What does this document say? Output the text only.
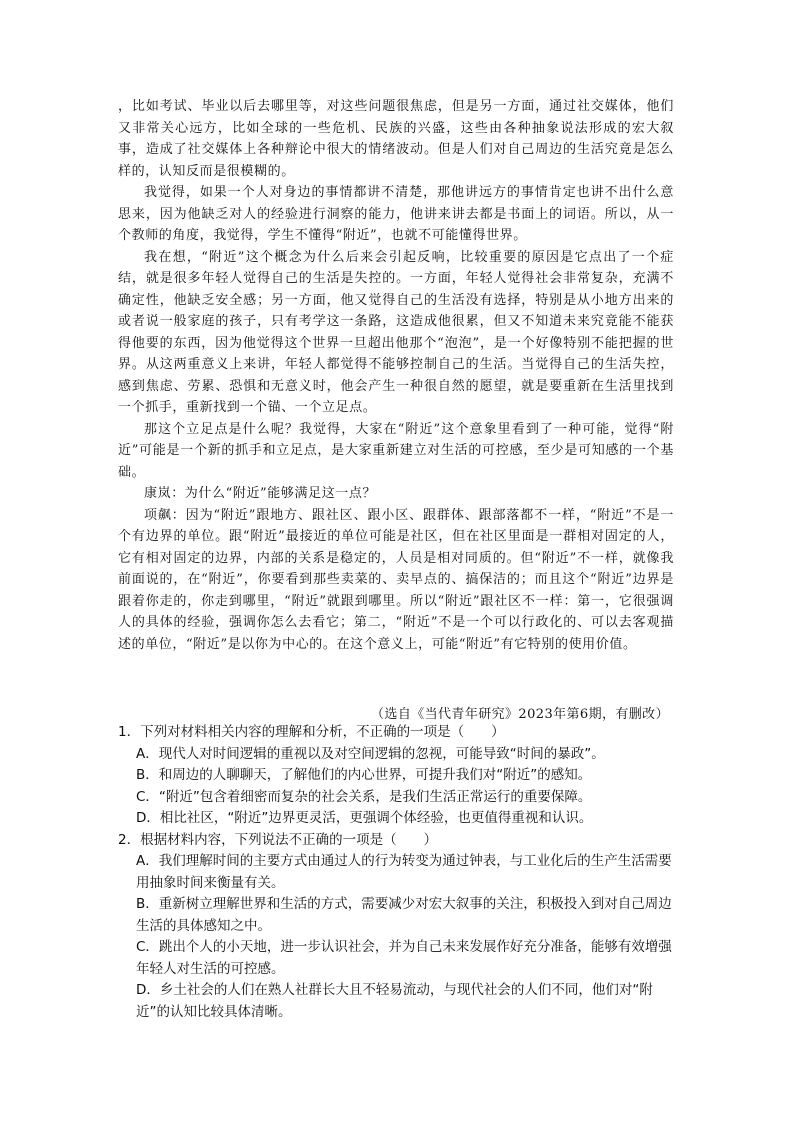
，比如考试、毕业以后去哪里等，对这些问题很焦虑，但是另一方面，通过社交媒体，他们又非常关心远方，比如全球的一些危机、民族的兴盛，这些由各种抽象说法形成的宏大叙事，造成了社交媒体上各种辩论中很大的情绪波动。但是人们对自己周边的生活究竟是怎么样的，认知反而是很模糊的。

我觉得，如果一个人对身边的事情都讲不清楚，那他讲远方的事情肯定也讲不出什么意思来，因为他缺乏对人的经验进行洞察的能力，他讲来讲去都是书面上的词语。所以，从一个教师的角度，我觉得，学生不懂得“附近”，也就不可能懂得世界。

我在想，“附近”这个概念为什么后来会引起反响，比较重要的原因是它点出了一个症结，就是很多年轻人觉得自己的生活是失控的。一方面，年轻人觉得社会非常复杂，充满不确定性，他缺乏安全感；另一方面，他又觉得自己的生活没有选择，特别是从小地方出来的或者说一般家庭的孩子，只有考学这一条路，这造成他很累，但又不知道未来究竟能不能获得他要的东西，因为他觉得这个世界一旦超出他那个“泡泡”，是一个好像特别不能把握的世界。从这两重意义上来讲，年轻人都觉得不能够控制自己的生活。当觉得自己的生活失控，感到焦虑、劳累、恐惧和无意义时，他会产生一种很自然的愿望，就是要重新在生活里找到一个抓手，重新找到一个锚、一个立足点。

那这个立足点是什么呢？我觉得，大家在“附近”这个意象里看到了一种可能，觉得“附近”可能是一个新的抓手和立足点，是大家重新建立对生活的可控感，至少是可知感的一个基础。

康岚：为什么“附近”能够满足这一点？

项飙：因为“附近”跟地方、跟社区、跟小区、跟群体、跟部落都不一样，“附近”不是一个有边界的单位。跟“附近”最接近的单位可能是社区，但在社区里面是一群相对固定的人，它有相对固定的边界，内部的关系是稳定的，人员是相对同质的。但“附近”不一样，就像我前面说的，在“附近”，你要看到那些卖菜的、卖早点的、搞保洁的；而且这个“附近”边界是跟着你走的，你走到哪里，“附近”就跟到哪里。所以“附近”跟社区不一样：第一，它很强调人的具体的经验，强调你怎么去看它；第二，“附近”不是一个可以行政化的、可以去客观描述的单位，“附近”是以你为中心的。在这个意义上，可能“附近”有它特别的使用价值。

（选自《当代青年研究》2023年第6期，有删改）

1．下列对材料相关内容的理解和分析，不正确的一项是（　　）

A．现代人对时间逻辑的重视以及对空间逻辑的忽视，可能导致“时间的暴政”。

B．和周边的人聊聊天，了解他们的内心世界，可提升我们对“附近”的感知。

C．“附近”包含着细密而复杂的社会关系，是我们生活正常运行的重要保障。

D．相比社区，“附近”边界更灵活，更强调个体经验，也更值得重视和认识。

2．根据材料内容，下列说法不正确的一项是（　　）

A．我们理解时间的主要方式由通过人的行为转变为通过钟表，与工业化后的生产生活需要用抽象时间来衡量有关。

B．重新树立理解世界和生活的方式，需要减少对宏大叙事的关注，积极投入到对自己周边生活的具体感知之中。

C．跳出个人的小天地，进一步认识社会，并为自己未来发展作好充分准备，能够有效增强年轻人对生活的可控感。

D．乡土社会的人们在熟人社群长大且不轻易流动，与现代社会的人们不同，他们对“附近”的认知比较具体清晰。
